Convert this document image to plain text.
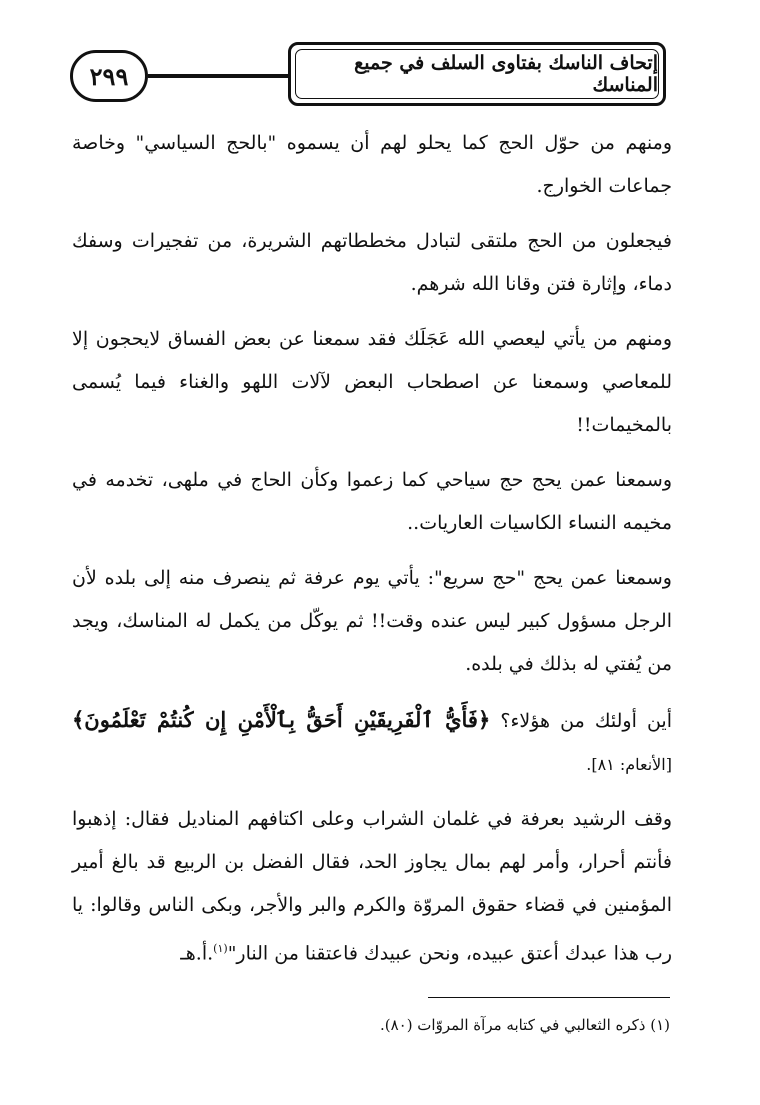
٢٩٩	إتحاف الناسك بفتاوى السلف في جميع المناسك

ومنهم من حوّل الحج كما يحلو لهم أن يسموه "بالحج السياسي" وخاصة جماعات الخوارج.

فيجعلون من الحج ملتقى لتبادل مخططاتهم الشريرة، من تفجيرات وسفك دماء، وإثارة فتن وقانا الله شرهم.

ومنهم من يأتي ليعصي الله عَجَلَك فقد سمعنا عن بعض الفساق لايحجون إلا للمعاصي وسمعنا عن اصطحاب البعض لآلات اللهو والغناء فيما يُسمى بالمخيمات!!

وسمعنا عمن يحج حج سياحي كما زعموا وكأن الحاج في ملهى، تخدمه في مخيمه النساء الكاسيات العاريات..

وسمعنا عمن يحج "حج سريع": يأتي يوم عرفة ثم ينصرف منه إلى بلده لأن الرجل مسؤول كبير ليس عنده وقت!! ثم يوكّل من يكمل له المناسك، ويجد من يُفتي له بذلك في بلده.

أين أولئك من هؤلاء؟ ﴿فَأَيُّ ٱلْفَرِيقَيْنِ أَحَقُّ بِٱلْأَمْنِ إِن كُنتُمْ تَعْلَمُونَ﴾ [الأنعام: ٨١].

وقف الرشيد بعرفة في غلمان الشراب وعلى اكتافهم المناديل فقال: إذهبوا فأنتم أحرار، وأمر لهم بمال يجاوز الحد، فقال الفضل بن الربيع قد بالغ أمير المؤمنين في قضاء حقوق المروّة والكرم والبر والأجر، وبكى الناس وقالوا: يا رب هذا عبدك أعتق عبيده، ونحن عبيدك فاعتقنا من النار"$^{(١)}$.أ.هـ

(١) ذكره الثعالبي في كتابه مرآة المروّات (٨٠).
